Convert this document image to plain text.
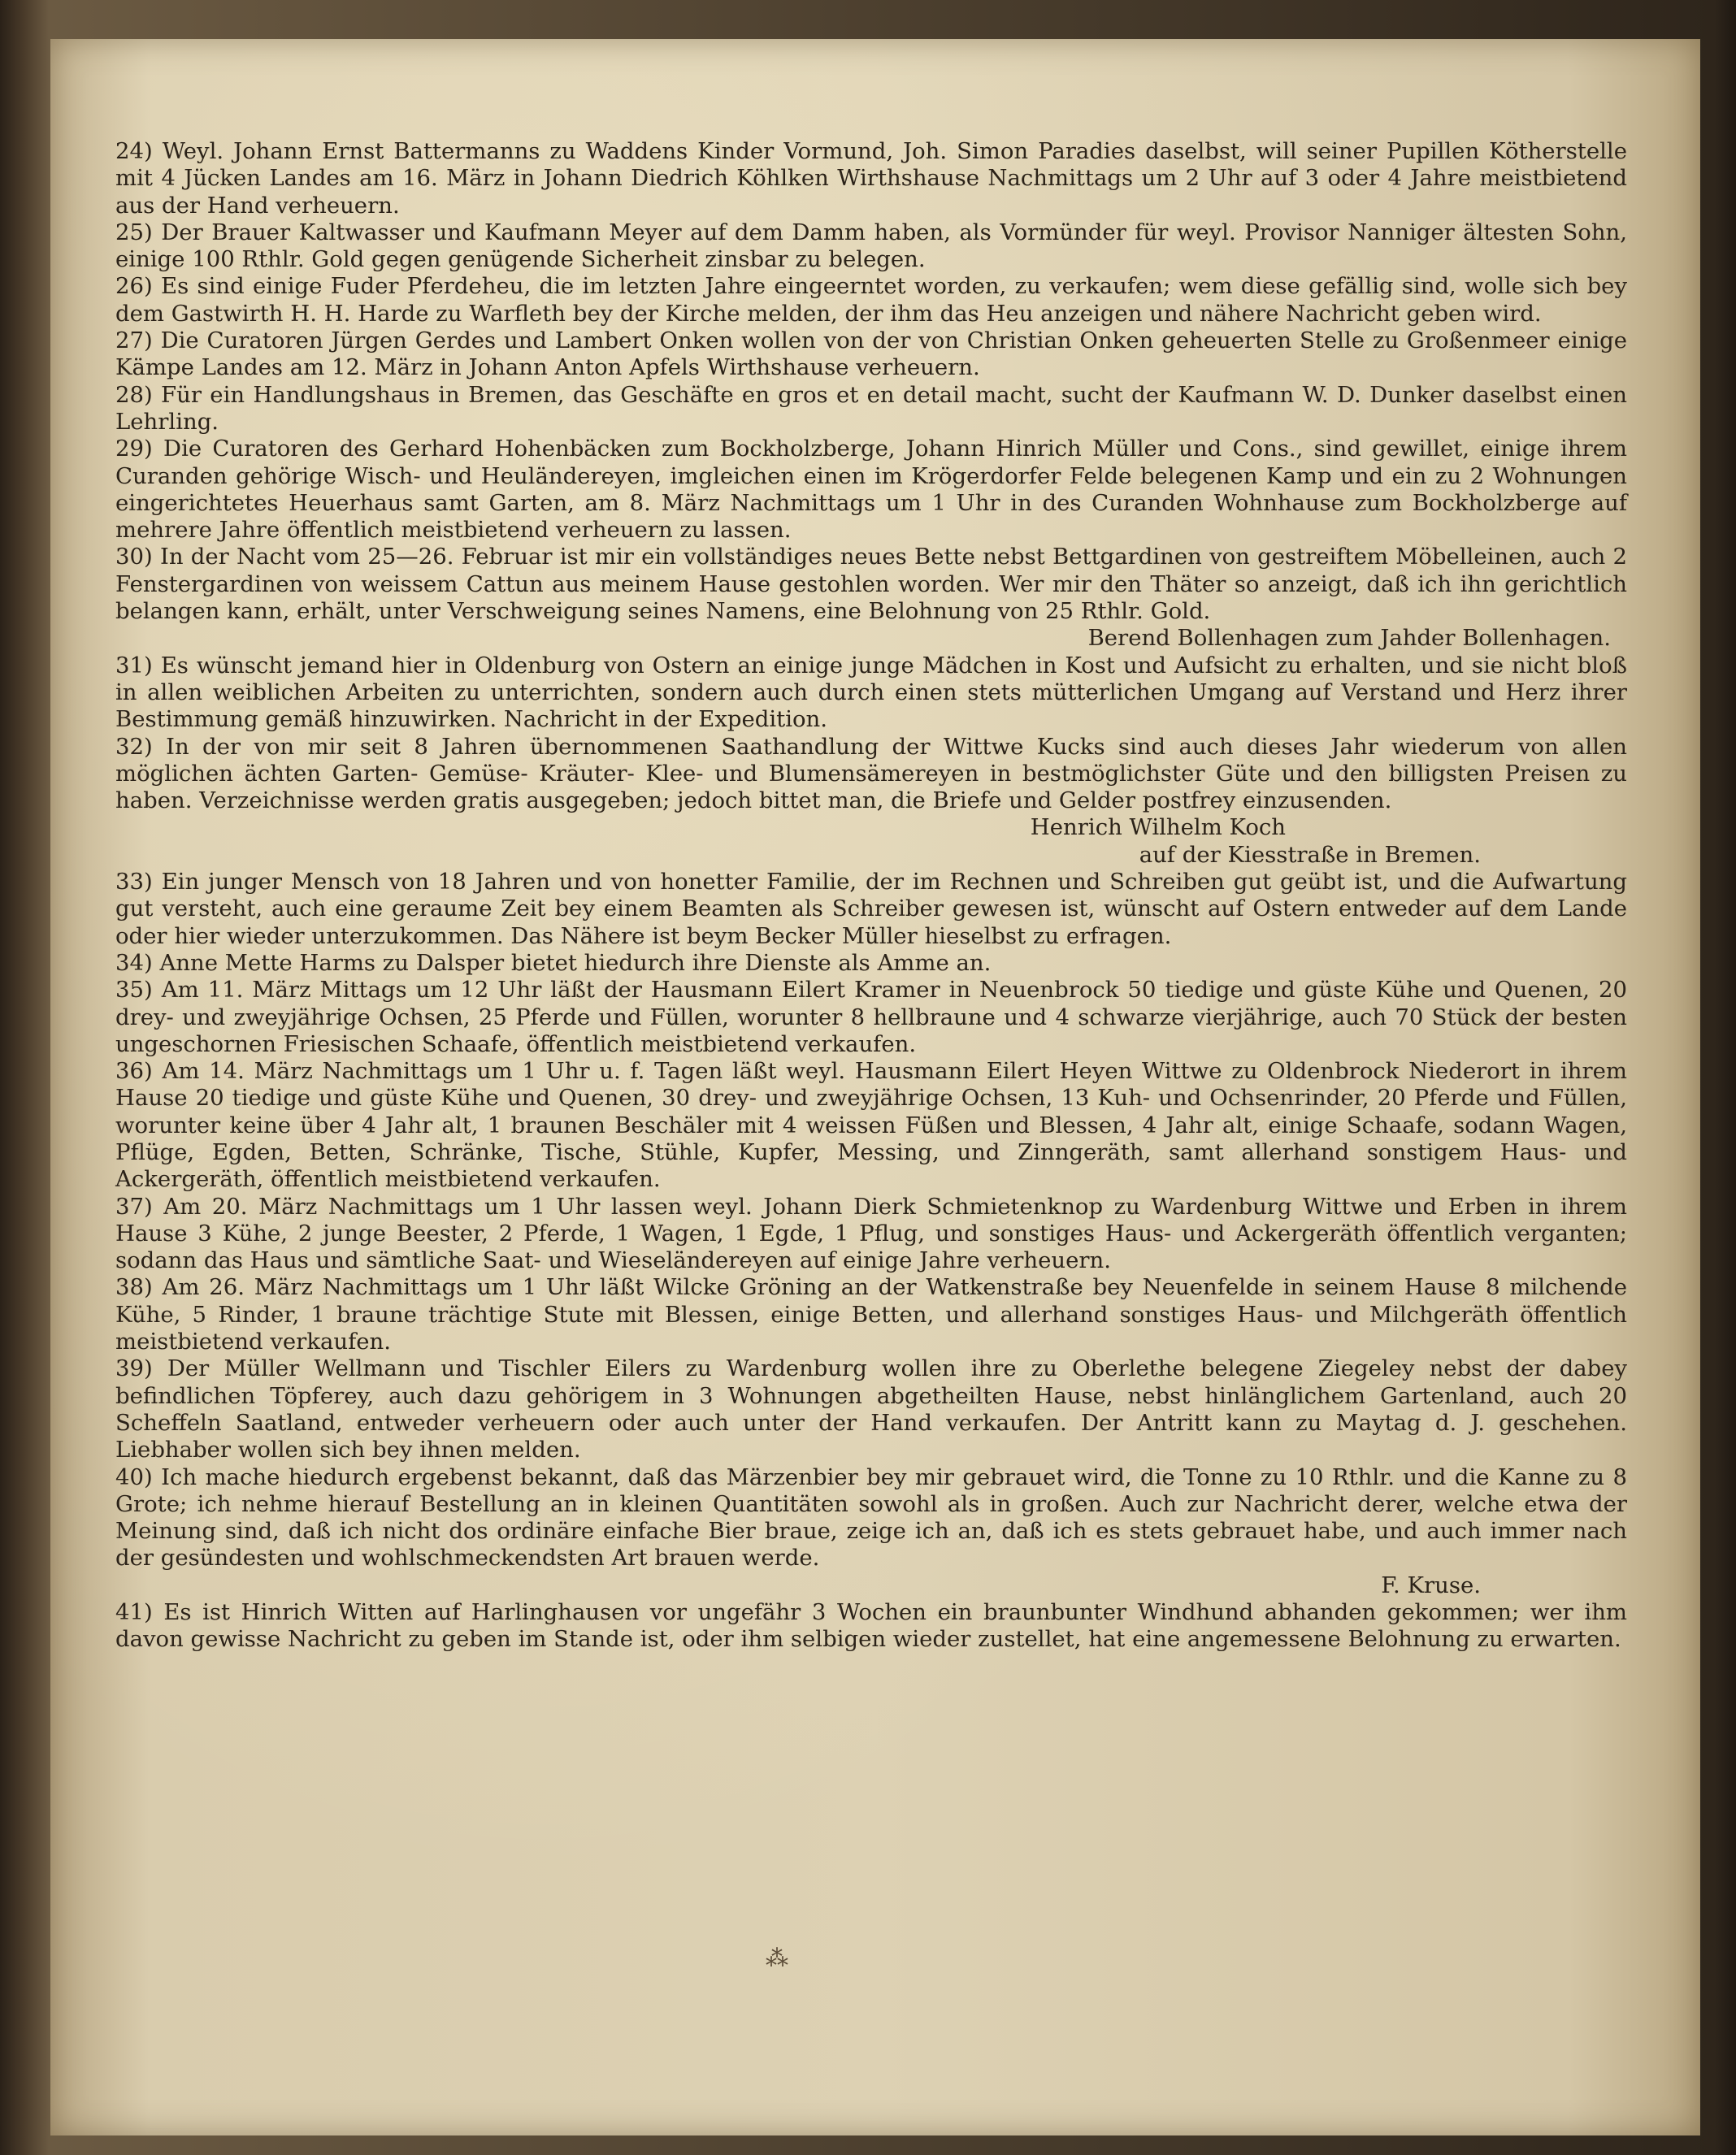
24) Weyl. Johann Ernst Battermanns zu Waddens Kinder Vormund, Joh. Simon Paradies daselbst, will seiner Pupillen Kötherstelle mit 4 Jücken Landes am 16. März in Johann Diedrich Köhlken Wirthshause Nachmittags um 2 Uhr auf 3 oder 4 Jahre meistbietend aus der Hand verheuern.

25) Der Brauer Kaltwasser und Kaufmann Meyer auf dem Damm haben, als Vormünder für weyl. Provisor Nanniger ältesten Sohn, einige 100 Rthlr. Gold gegen genügende Sicherheit zinsbar zu belegen.

26) Es sind einige Fuder Pferdeheu, die im letzten Jahre eingeerntet worden, zu verkaufen; wem diese gefällig sind, wolle sich bey dem Gastwirth H. H. Harde zu Warfleth bey der Kirche melden, der ihm das Heu anzeigen und nähere Nachricht geben wird.

27) Die Curatoren Jürgen Gerdes und Lambert Onken wollen von der von Christian Onken geheuerten Stelle zu Großenmeer einige Kämpe Landes am 12. März in Johann Anton Apfels Wirthshause verheuern.

28) Für ein Handlungshaus in Bremen, das Geschäfte en gros et en detail macht, sucht der Kaufmann W. D. Dunker daselbst einen Lehrling.

29) Die Curatoren des Gerhard Hohenbäcken zum Bockholzberge, Johann Hinrich Müller und Cons., sind gewillet, einige ihrem Curanden gehörige Wisch- und Heuländereyen, imgleichen einen im Krögerdorfer Felde belegenen Kamp und ein zu 2 Wohnungen eingerichtetes Heuerhaus samt Garten, am 8. März Nachmittags um 1 Uhr in des Curanden Wohnhause zum Bockholzberge auf mehrere Jahre öffentlich meistbietend verheuern zu lassen.

30) In der Nacht vom 25—26. Februar ist mir ein vollständiges neues Bette nebst Bettgardinen von gestreiftem Möbelleinen, auch 2 Fenstergardinen von weissem Cattun aus meinem Hause gestohlen worden. Wer mir den Thäter so anzeigt, daß ich ihn gerichtlich belangen kann, erhält, unter Verschweigung seines Namens, eine Belohnung von 25 Rthlr. Gold.

Berend Bollenhagen zum Jahder Bollenhagen.

31) Es wünscht jemand hier in Oldenburg von Ostern an einige junge Mädchen in Kost und Aufsicht zu erhalten, und sie nicht bloß in allen weiblichen Arbeiten zu unterrichten, sondern auch durch einen stets mütterlichen Umgang auf Verstand und Herz ihrer Bestimmung gemäß hinzuwirken. Nachricht in der Expedition.

32) In der von mir seit 8 Jahren übernommenen Saathandlung der Wittwe Kucks sind auch dieses Jahr wiederum von allen möglichen ächten Garten- Gemüse- Kräuter- Klee- und Blumensämereyen in bestmöglichster Güte und den billigsten Preisen zu haben. Verzeichnisse werden gratis ausgegeben; jedoch bittet man, die Briefe und Gelder postfrey einzusenden.

Henrich Wilhelm Koch
auf der Kiesstraße in Bremen.

33) Ein junger Mensch von 18 Jahren und von honetter Familie, der im Rechnen und Schreiben gut geübt ist, und die Aufwartung gut versteht, auch eine geraume Zeit bey einem Beamten als Schreiber gewesen ist, wünscht auf Ostern entweder auf dem Lande oder hier wieder unterzukommen. Das Nähere ist beym Becker Müller hieselbst zu erfragen.

34) Anne Mette Harms zu Dalsper bietet hiedurch ihre Dienste als Amme an.

35) Am 11. März Mittags um 12 Uhr läßt der Hausmann Eilert Kramer in Neuenbrock 50 tiedige und güste Kühe und Quenen, 20 drey- und zweyjährige Ochsen, 25 Pferde und Füllen, worunter 8 hellbraune und 4 schwarze vierjährige, auch 70 Stück der besten ungeschornen Friesischen Schaafe, öffentlich meistbietend verkaufen.

36) Am 14. März Nachmittags um 1 Uhr u. f. Tagen läßt weyl. Hausmann Eilert Heyen Wittwe zu Oldenbrock Niederort in ihrem Hause 20 tiedige und güste Kühe und Quenen, 30 drey- und zweyjährige Ochsen, 13 Kuh- und Ochsenrinder, 20 Pferde und Füllen, worunter keine über 4 Jahr alt, 1 braunen Beschäler mit 4 weissen Füßen und Blessen, 4 Jahr alt, einige Schaafe, sodann Wagen, Pflüge, Egden, Betten, Schränke, Tische, Stühle, Kupfer, Messing, und Zinngeräth, samt allerhand sonstigem Haus- und Ackergeräth, öffentlich meistbietend verkaufen.

37) Am 20. März Nachmittags um 1 Uhr lassen weyl. Johann Dierk Schmietenknop zu Wardenburg Wittwe und Erben in ihrem Hause 3 Kühe, 2 junge Beester, 2 Pferde, 1 Wagen, 1 Egde, 1 Pflug, und sonstiges Haus- und Ackergeräth öffentlich verganten; sodann das Haus und sämtliche Saat- und Wieseländereyen auf einige Jahre verheuern.

38) Am 26. März Nachmittags um 1 Uhr läßt Wilcke Gröning an der Watkenstraße bey Neuenfelde in seinem Hause 8 milchende Kühe, 5 Rinder, 1 braune trächtige Stute mit Blessen, einige Betten, und allerhand sonstiges Haus- und Milchgeräth öffentlich meistbietend verkaufen.

39) Der Müller Wellmann und Tischler Eilers zu Wardenburg wollen ihre zu Oberlethe belegene Ziegeley nebst der dabey befindlichen Töpferey, auch dazu gehörigem in 3 Wohnungen abgetheilten Hause, nebst hinlänglichem Gartenland, auch 20 Scheffeln Saatland, entweder verheuern oder auch unter der Hand verkaufen. Der Antritt kann zu Maytag d. J. geschehen. Liebhaber wollen sich bey ihnen melden.

40) Ich mache hiedurch ergebenst bekannt, daß das Märzenbier bey mir gebrauet wird, die Tonne zu 10 Rthlr. und die Kanne zu 8 Grote; ich nehme hierauf Bestellung an in kleinen Quantitäten sowohl als in großen. Auch zur Nachricht derer, welche etwa der Meinung sind, daß ich nicht dos ordinäre einfache Bier braue, zeige ich an, daß ich es stets gebrauet habe, und auch immer nach der gesündesten und wohlschmeckendsten Art brauen werde.

F. Kruse.

41) Es ist Hinrich Witten auf Harlinghausen vor ungefähr 3 Wochen ein braunbunter Windhund abhanden gekommen; wer ihm davon gewisse Nachricht zu geben im Stande ist, oder ihm selbigen wieder zustellet, hat eine angemessene Belohnung zu erwarten.

⁂
